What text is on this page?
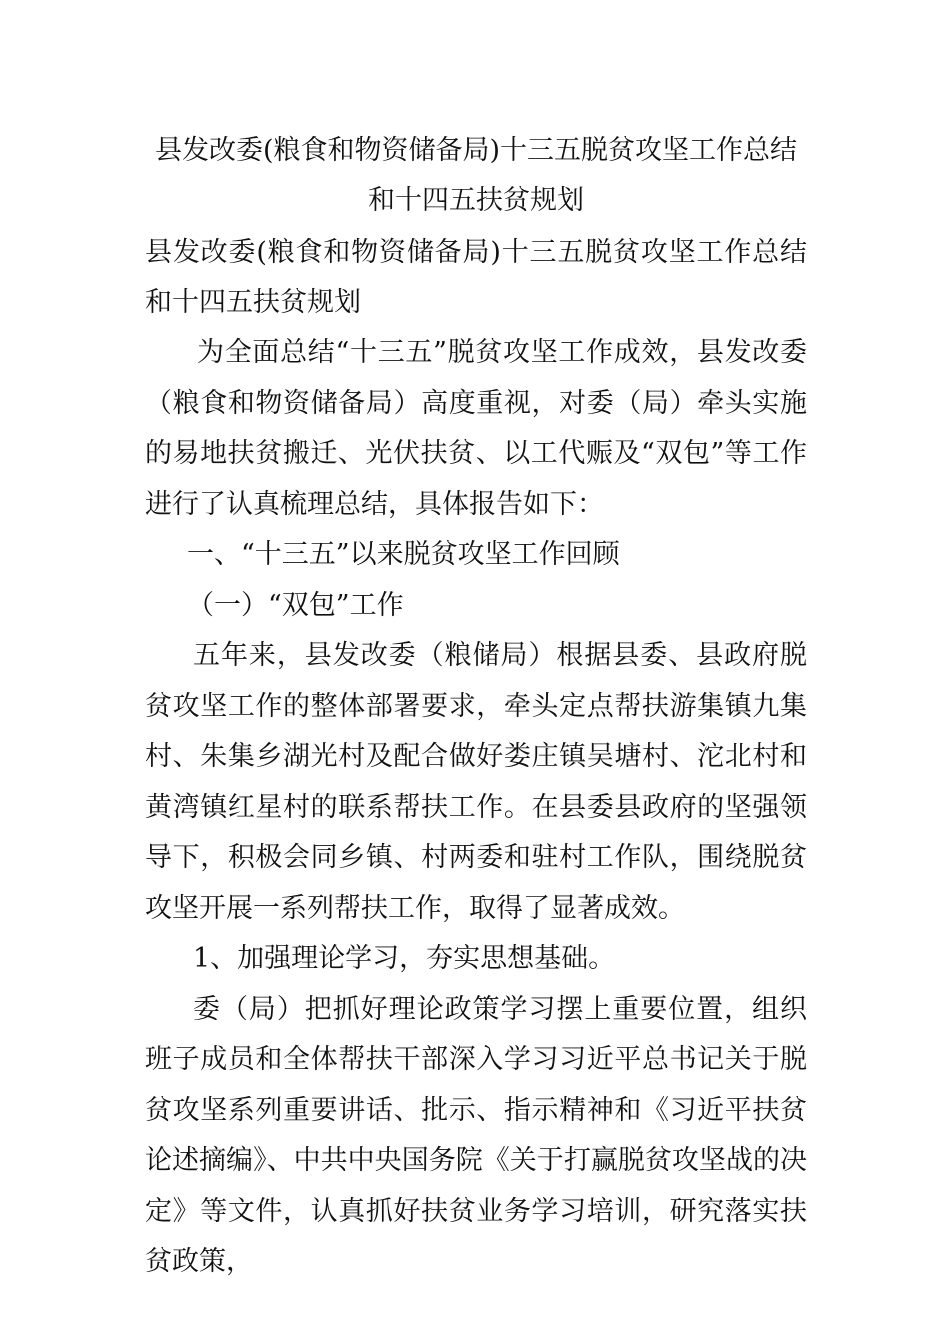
县发改委(粮食和物资储备局)十三五脱贫攻坚工作总结和十四五扶贫规划

县发改委(粮食和物资储备局)十三五脱贫攻坚工作总结和十四五扶贫规划

为全面总结“十三五”脱贫攻坚工作成效，县发改委（粮食和物资储备局）高度重视，对委（局）牵头实施的易地扶贫搬迁、光伏扶贫、以工代赈及“双包”等工作进行了认真梳理总结，具体报告如下：

一、“十三五”以来脱贫攻坚工作回顾

（一）“双包”工作

五年来，县发改委（粮储局）根据县委、县政府脱贫攻坚工作的整体部署要求，牵头定点帮扶游集镇九集村、朱集乡湖光村及配合做好娄庄镇吴塘村、沱北村和黄湾镇红星村的联系帮扶工作。在县委县政府的坚强领导下，积极会同乡镇、村两委和驻村工作队，围绕脱贫攻坚开展一系列帮扶工作，取得了显著成效。

1、加强理论学习，夯实思想基础。

委（局）把抓好理论政策学习摆上重要位置，组织班子成员和全体帮扶干部深入学习习近平总书记关于脱贫攻坚系列重要讲话、批示、指示精神和《习近平扶贫论述摘编》、中共中央国务院《关于打赢脱贫攻坚战的决定》等文件，认真抓好扶贫业务学习培训，研究落实扶贫政策，
